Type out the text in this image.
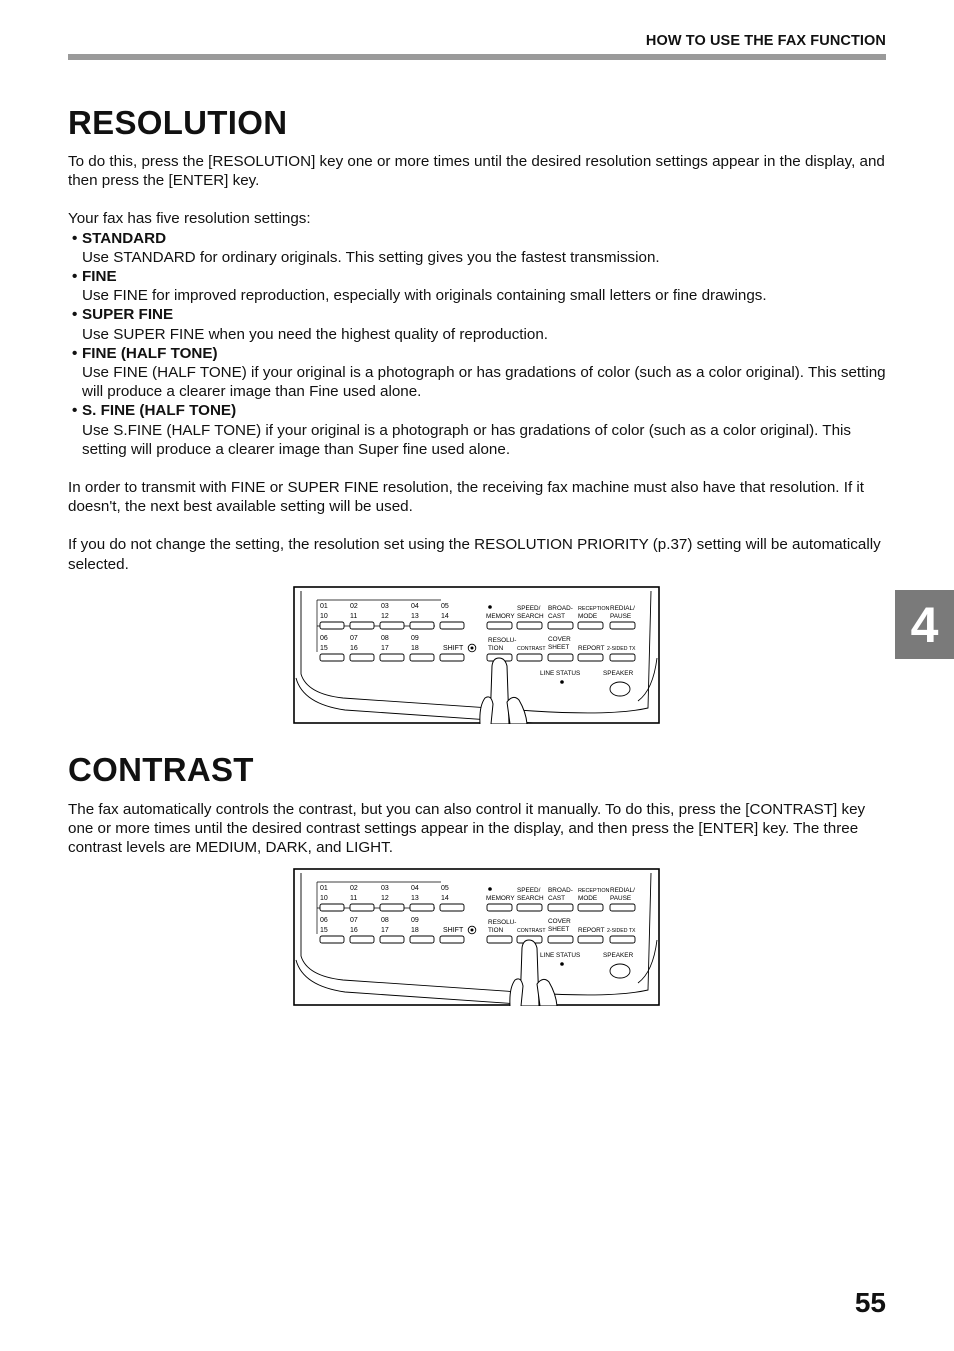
HOW TO USE THE FAX FUNCTION
RESOLUTION

To do this, press the [RESOLUTION] key one or more times until the desired resolution settings appear in the display, and then press the [ENTER] key.

Your fax has five resolution settings:

• STANDARD
Use STANDARD for ordinary originals. This setting gives you the fastest transmission.
• FINE
Use FINE for improved reproduction, especially with originals containing small letters or fine drawings.
• SUPER FINE
Use SUPER FINE when you need the highest quality of reproduction.
• FINE (HALF TONE)
Use FINE (HALF TONE) if your original is a photograph or has gradations of color (such as a color original). This setting will produce a clearer image than Fine used alone.
• S. FINE (HALF TONE)
Use S.FINE (HALF TONE) if your original is a photograph or has gradations of color (such as a color original). This setting will produce a clearer image than Super fine used alone.

In order to transmit with FINE or SUPER FINE resolution, the receiving fax machine must also have that resolution. If it doesn't, the next best available setting will be used.

If you do not change the setting, the resolution set using the RESOLUTION PRIORITY (p.37) setting will be automatically selected.

01	02	03	04	05
10	11	12	13	14
06	07	08	09
15	16	17	18	SHIFT
MEMORY
SPEED/
SEARCH
BROAD-
CAST
RECEPTION
MODE
REDIAL/
PAUSE
RESOLU-
TION	CONTRAST
COVER
SHEET REPORT 2-SIDED TX
LINE STATUS	SPEAKER
CONTRAST

The fax automatically controls the contrast, but you can also control it manually. To do this, press the [CONTRAST] key one or more times until the desired contrast settings appear in the display, and then press the [ENTER] key. The three contrast levels are MEDIUM, DARK, and LIGHT.

01	02	03	04	05
10	11	12	13	14
06	07	08	09
15	16	17	18	SHIFT
MEMORY
SPEED/
SEARCH
BROAD-
CAST
RECEPTION
MODE
REDIAL/
PAUSE
RESOLU-
TION	CONTRAST
COVER
SHEET REPORT 2-SIDED TX
LINE STATUS	SPEAKER
4
55
